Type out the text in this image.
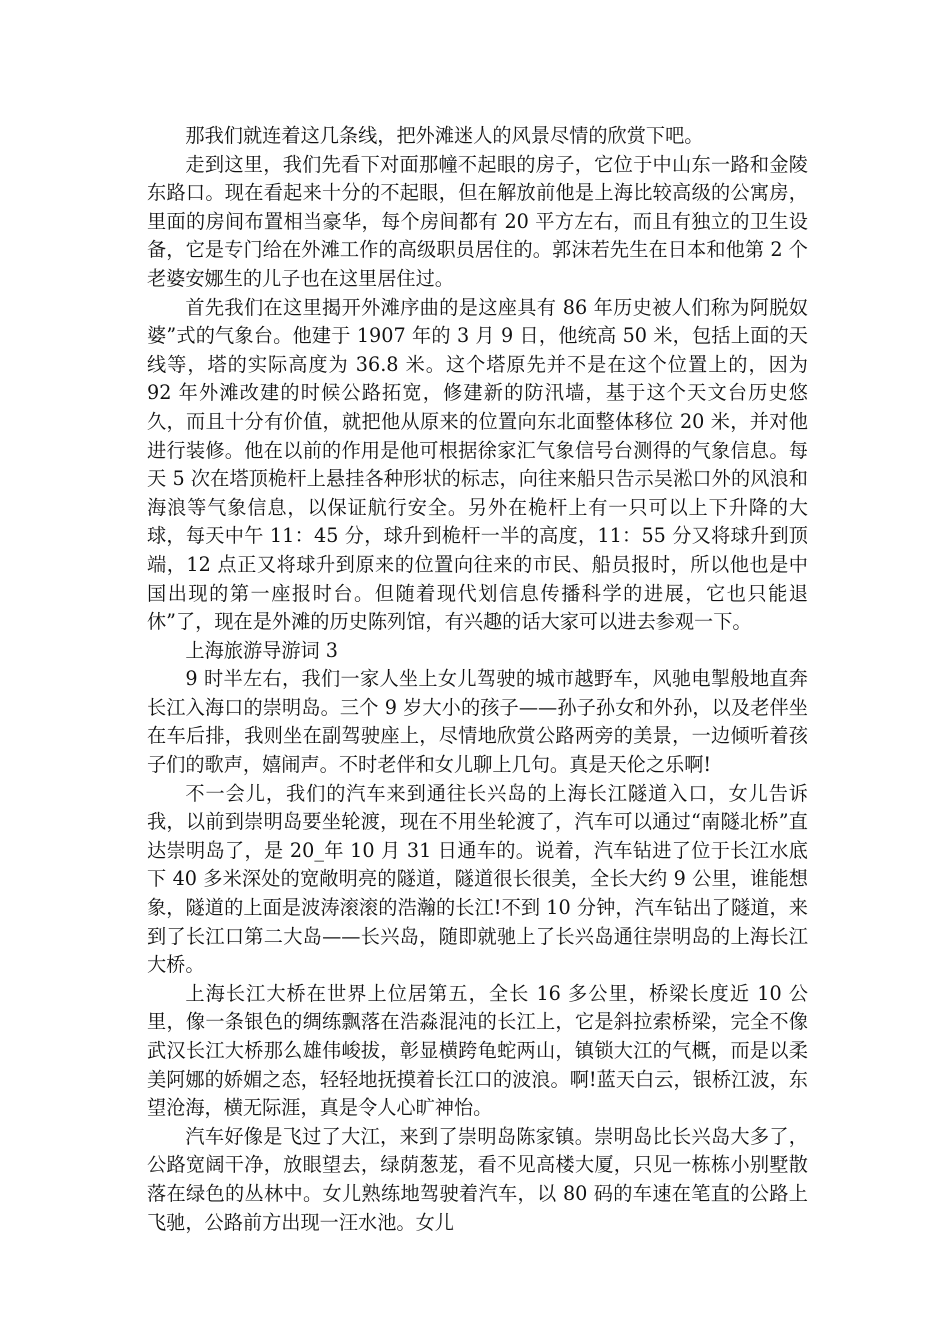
那我们就连着这几条线，把外滩迷人的风景尽情的欣赏下吧。

走到这里，我们先看下对面那幢不起眼的房子，它位于中山东一路和金陵东路口。现在看起来十分的不起眼，但在解放前他是上海比较高级的公寓房，里面的房间布置相当豪华，每个房间都有 20 平方左右，而且有独立的卫生设备，它是专门给在外滩工作的高级职员居住的。郭沫若先生在日本和他第 2 个老婆安娜生的儿子也在这里居住过。

首先我们在这里揭开外滩序曲的是这座具有 86 年历史被人们称为阿脱奴婆”式的气象台。他建于 1907 年的 3 月 9 日，他统高 50 米，包括上面的天线等，塔的实际高度为 36.8 米。这个塔原先并不是在这个位置上的，因为 92 年外滩改建的时候公路拓宽，修建新的防汛墙，基于这个天文台历史悠久，而且十分有价值，就把他从原来的位置向东北面整体移位 20 米，并对他进行装修。他在以前的作用是他可根据徐家汇气象信号台测得的气象信息。每天 5 次在塔顶桅杆上悬挂各种形状的标志，向往来船只告示吴淞口外的风浪和海浪等气象信息，以保证航行安全。另外在桅杆上有一只可以上下升降的大球，每天中午 11：45 分，球升到桅杆一半的高度，11：55 分又将球升到顶端，12 点正又将球升到原来的位置向往来的市民、船员报时，所以他也是中国出现的第一座报时台。但随着现代划信息传播科学的进展，它也只能退休”了，现在是外滩的历史陈列馆，有兴趣的话大家可以进去参观一下。

上海旅游导游词 3

9 时半左右，我们一家人坐上女儿驾驶的城市越野车，风驰电掣般地直奔长江入海口的崇明岛。三个 9 岁大小的孩子——孙子孙女和外孙，以及老伴坐在车后排，我则坐在副驾驶座上，尽情地欣赏公路两旁的美景，一边倾听着孩子们的歌声，嬉闹声。不时老伴和女儿聊上几句。真是天伦之乐啊!

不一会儿，我们的汽车来到通往长兴岛的上海长江隧道入口，女儿告诉我，以前到崇明岛要坐轮渡，现在不用坐轮渡了，汽车可以通过“南隧北桥”直达崇明岛了，是 20_年 10 月 31 日通车的。说着，汽车钻进了位于长江水底下 40 多米深处的宽敞明亮的隧道，隧道很长很美，全长大约 9 公里，谁能想象，隧道的上面是波涛滚滚的浩瀚的长江!不到 10 分钟，汽车钻出了隧道，来到了长江口第二大岛——长兴岛，随即就驰上了长兴岛通往崇明岛的上海长江大桥。

上海长江大桥在世界上位居第五，全长 16 多公里，桥梁长度近 10 公里，像一条银色的绸练飘落在浩淼混沌的长江上，它是斜拉索桥梁，完全不像武汉长江大桥那么雄伟峻拔，彰显横跨龟蛇两山，镇锁大江的气概，而是以柔美阿娜的娇媚之态，轻轻地抚摸着长江口的波浪。啊!蓝天白云，银桥江波，东望沧海，横无际涯，真是令人心旷神怡。

汽车好像是飞过了大江，来到了崇明岛陈家镇。崇明岛比长兴岛大多了，公路宽阔干净，放眼望去，绿荫葱茏，看不见高楼大厦，只见一栋栋小别墅散落在绿色的丛林中。女儿熟练地驾驶着汽车，以 80 码的车速在笔直的公路上飞驰，公路前方出现一汪水池。女儿
